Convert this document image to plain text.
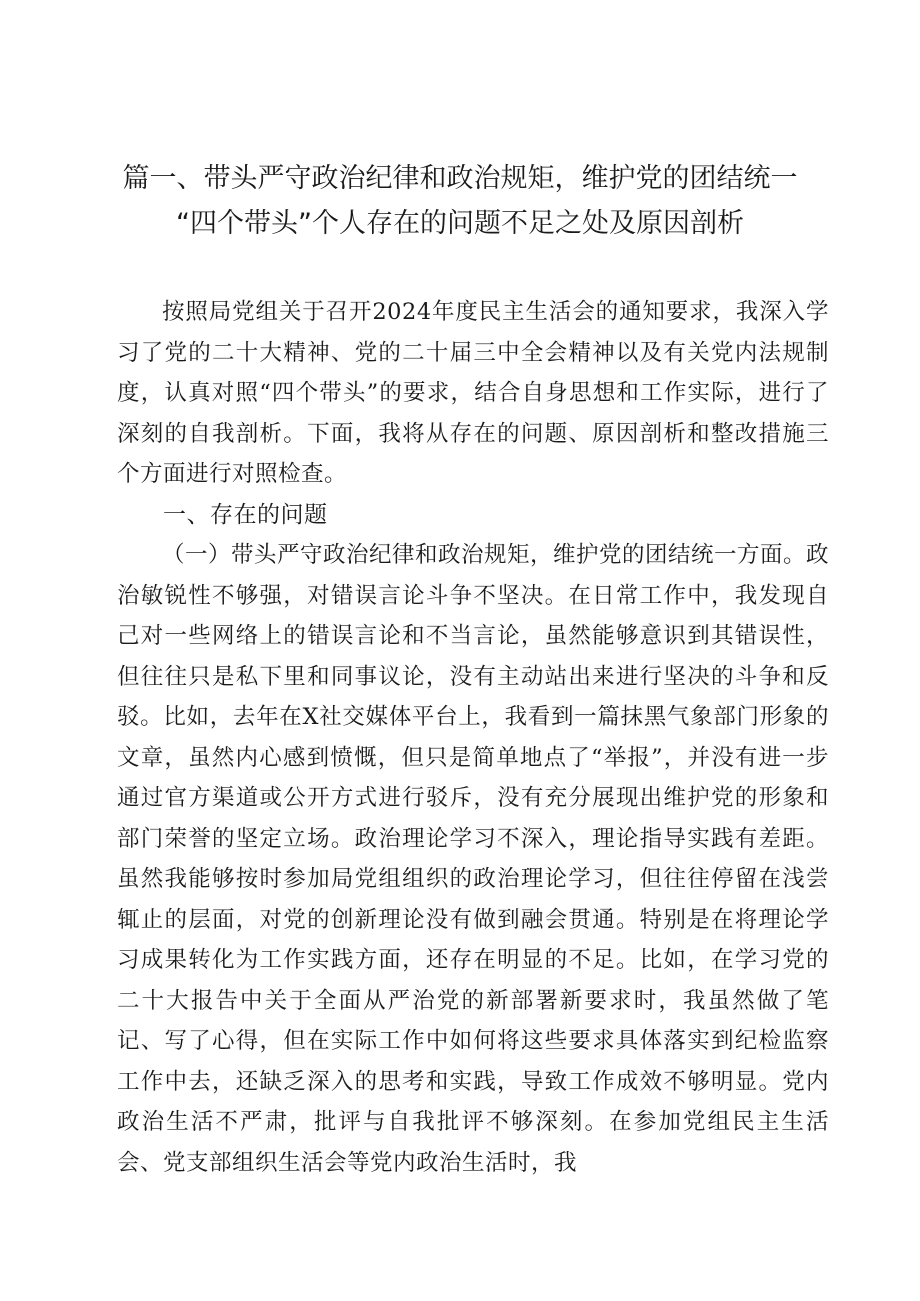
篇一、带头严守政治纪律和政治规矩，维护党的团结统一
“四个带头”个人存在的问题不足之处及原因剖析

按照局党组关于召开2024年度民主生活会的通知要求，我深入学习了党的二十大精神、党的二十届三中全会精神以及有关党内法规制度，认真对照“四个带头”的要求，结合自身思想和工作实际，进行了深刻的自我剖析。下面，我将从存在的问题、原因剖析和整改措施三个方面进行对照检查。

一、存在的问题

（一）带头严守政治纪律和政治规矩，维护党的团结统一方面。政治敏锐性不够强，对错误言论斗争不坚决。在日常工作中，我发现自己对一些网络上的错误言论和不当言论，虽然能够意识到其错误性，但往往只是私下里和同事议论，没有主动站出来进行坚决的斗争和反驳。比如，去年在X社交媒体平台上，我看到一篇抹黑气象部门形象的文章，虽然内心感到愤慨，但只是简单地点了“举报”，并没有进一步通过官方渠道或公开方式进行驳斥，没有充分展现出维护党的形象和部门荣誉的坚定立场。政治理论学习不深入，理论指导实践有差距。虽然我能够按时参加局党组组织的政治理论学习，但往往停留在浅尝辄止的层面，对党的创新理论没有做到融会贯通。特别是在将理论学习成果转化为工作实践方面，还存在明显的不足。比如，在学习党的二十大报告中关于全面从严治党的新部署新要求时，我虽然做了笔记、写了心得，但在实际工作中如何将这些要求具体落实到纪检监察工作中去，还缺乏深入的思考和实践，导致工作成效不够明显。党内政治生活不严肃，批评与自我批评不够深刻。在参加党组民主生活会、党支部组织生活会等党内政治生活时，我
